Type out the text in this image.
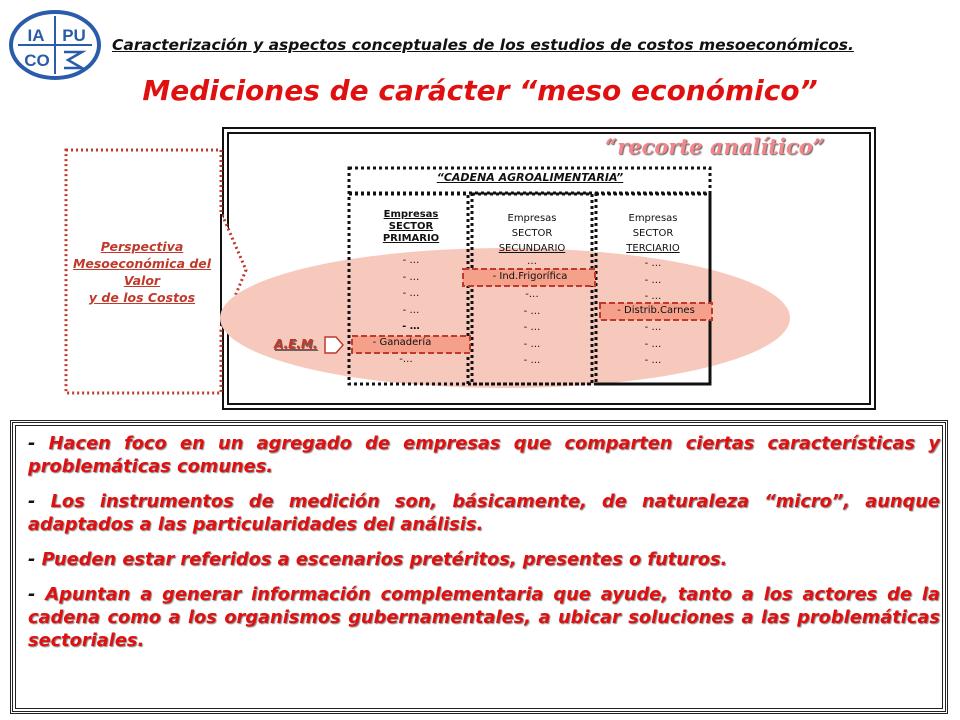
IA PU
CO
Caracterización y aspectos conceptuales de los estudios de costos mesoeconómicos.
Mediciones de carácter “meso económico”
Perspectiva
Mesoeconómica del
Valor
y de los Costos
“recorte analítico”
“CADENA AGROALIMENTARIA”
Empresas
SECTOR
PRIMARIO
- …
- …
- …
- …
- …
- Ganadería
-…
Empresas
SECTOR
SECUNDARIO
…
- Ind.Frigorífica
-…
- …
- …
- …
- …
Empresas
SECTOR
TERCIARIO
- …
- …
- …
- Distrib.Carnes
- …
- …
- …
A.E.M.

- Hacen foco en un agregado de empresas que comparten ciertas características y problemáticas comunes.

- Los instrumentos de medición son, básicamente, de naturaleza “micro”, aunque adaptados a las particularidades del análisis.

- Pueden estar referidos a escenarios pretéritos, presentes o futuros.

- Apuntan a generar información complementaria que ayude, tanto a los actores de la cadena como a los organismos gubernamentales, a ubicar soluciones a las problemáticas sectoriales.
